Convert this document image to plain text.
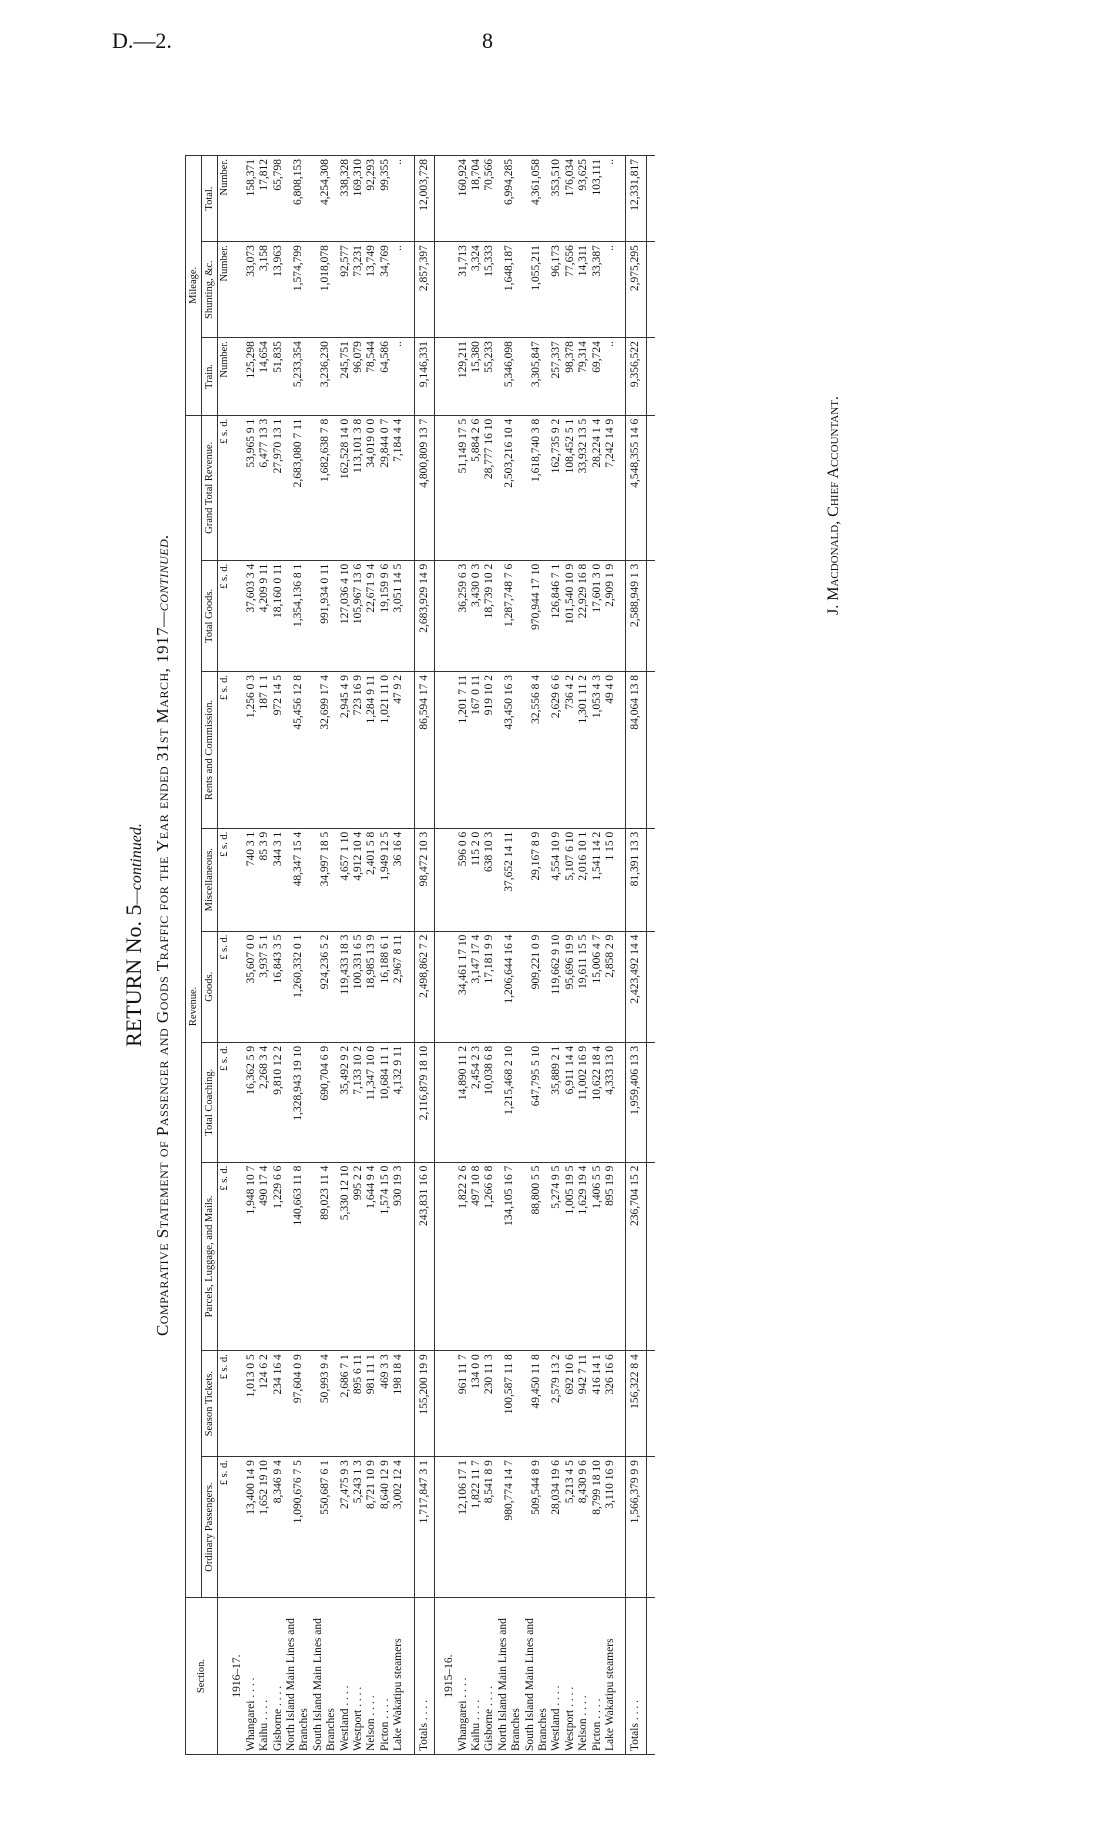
D.—2.	8
RETURN No. 5—continued. Comparative Statement of Passenger and Goods Traffic for the Year ended 31st March, 1917—continued.
Section.	Revenue.									Mileage.		
	Ordinary Passengers.	Season Tickets.	Parcels, Luggage, and Mails.	Total Coaching.	Goods.	Miscellaneous.	Rents and Commission.	Total Goods.	Grand Total Revenue.	Train.	Shunting, &c.	Total.
	£ s. d.	£ s. d.	£ s. d.	£ s. d.	£ s. d.	£ s. d.	£ s. d.	£ s. d.	£ s. d.	Number.	Number.	Number.
1916–17.												
Whangarei . . . .	13,400 14 9	1,013 0 5	1,948 10 7	16,362 5 9	35,607 0 0	740 3 1	1,256 0 3	37,603 3 4	53,965 9 1	125,298	33,073	158,371
Kaihu . . . .	1,652 19 10	124 6 2	490 17 4	2,268 3 4	3,937 5 1	85 3 9	187 1 1	4,209 9 11	6,477 13 3	14,654	3,158	17,812
Gisborne . . . .	8,346 9 4	234 16 4	1,229 6 6	9,810 12 2	16,843 3 5	344 3 1	972 14 5	18,160 0 11	27,970 13 1	51,835	13,963	65,798
North Island Main Lines and Branches	1,090,676 7 5	97,604 0 9	140,663 11 8	1,328,943 19 10	1,260,332 0 1	48,347 15 4	45,456 12 8	1,354,136 8 1	2,683,080 7 11	5,233,354	1,574,799	6,808,153
South Island Main Lines and Branches	550,687 6 1	50,993 9 4	89,023 11 4	690,704 6 9	924,236 5 2	34,997 18 5	32,699 17 4	991,934 0 11	1,682,638 7 8	3,236,230	1,018,078	4,254,308
Westland . . . .	27,475 9 3	2,686 7 1	5,330 12 10	35,492 9 2	119,433 18 3	4,657 1 10	2,945 4 9	127,036 4 10	162,528 14 0	245,751	92,577	338,328
Westport . . . .	5,243 1 3	895 6 11	995 2 2	7,133 10 2	100,331 6 5	4,912 10 4	723 16 9	105,967 13 6	113,101 3 8	96,079	73,231	169,310
Nelson . . . .	8,721 10 9	981 11 1	1,644 9 4	11,347 10 0	18,985 13 9	2,401 5 8	1,284 9 11	22,671 9 4	34,019 0 0	78,544	13,749	92,293
Picton . . . .	8,640 12 9	469 3 3	1,574 15 0	10,684 11 1	16,188 6 1	1,949 12 5	1,021 11 0	19,159 9 6	29,844 0 7	64,586	34,769	99,355
Lake Wakatipu steamers	3,002 12 4	198 18 4	930 19 3	4,132 9 11	2,967 8 11	36 16 4	47 9 2	3,051 14 5	7,184 4 4	..	..	..

Totals . . . .	1,717,847 3 1	155,200 19 9	243,831 16 0	2,116,879 18 10	2,498,862 7 2	98,472 10 3	86,594 17 4	2,683,929 14 9	4,800,809 13 7	9,146,331	2,857,397	12,003,728

1915–16.												
Whangarei . . . .	12,106 17 1	961 11 7	1,822 2 6	14,890 11 2	34,461 17 10	596 0 6	1,201 7 11	36,259 6 3	51,149 17 5	129,211	31,713	160,924
Kaihu . . . .	1,822 11 7	134 0 0	497 10 8	2,454 2 3	3,147 17 4	115 2 0	167 0 11	3,430 0 3	5,884 2 6	15,380	3,324	18,704
Gisborne . . . .	8,541 8 9	230 11 3	1,266 6 8	10,038 6 8	17,181 9 9	638 10 3	919 10 2	18,739 10 2	28,777 16 10	55,233	15,333	70,566
North Island Main Lines and Branches	980,774 14 7	100,587 11 8	134,105 16 7	1,215,468 2 10	1,206,644 16 4	37,652 14 11	43,450 16 3	1,287,748 7 6	2,503,216 10 4	5,346,098	1,648,187	6,994,285
South Island Main Lines and Branches	509,544 8 9	49,450 11 8	88,800 5 5	647,795 5 10	909,221 0 9	29,167 8 9	32,556 8 4	970,944 17 10	1,618,740 3 8	3,305,847	1,055,211	4,361,058
Westland . . . .	28,034 19 6	2,579 13 2	5,274 9 5	35,889 2 1	119,662 9 10	4,554 10 9	2,629 6 6	126,846 7 1	162,735 9 2	257,337	96,173	353,510
Westport . . . .	5,213 4 5	692 10 6	1,005 19 5	6,911 14 4	95,696 19 9	5,107 6 10	736 4 2	101,540 10 9	108,452 5 1	98,378	77,656	176,034
Nelson . . . .	8,430 9 6	942 7 11	1,629 19 4	11,002 16 9	19,611 15 5	2,016 10 1	1,301 11 2	22,929 16 8	33,932 13 5	79,314	14,311	93,625
Picton . . . .	8,799 18 10	416 14 1	1,406 5 5	10,622 18 4	15,006 4 7	1,541 14 2	1,053 4 3	17,601 3 0	28,224 1 4	69,724	33,387	103,111
Lake Wakatipu steamers	3,110 16 9	326 16 6	895 19 9	4,333 13 0	2,858 2 9	1 15 0	49 4 0	2,909 1 9	7,242 14 9	..	..	..

Totals . . . .	1,566,379 9 9	156,322 8 4	236,704 15 2	1,959,406 13 3	2,423,492 14 4	81,391 13 3	84,064 13 8	2,588,949 1 3	4,548,355 14 6	9,356,522	2,975,295	12,331,817

J. Macdonald, Chief Accountant.
